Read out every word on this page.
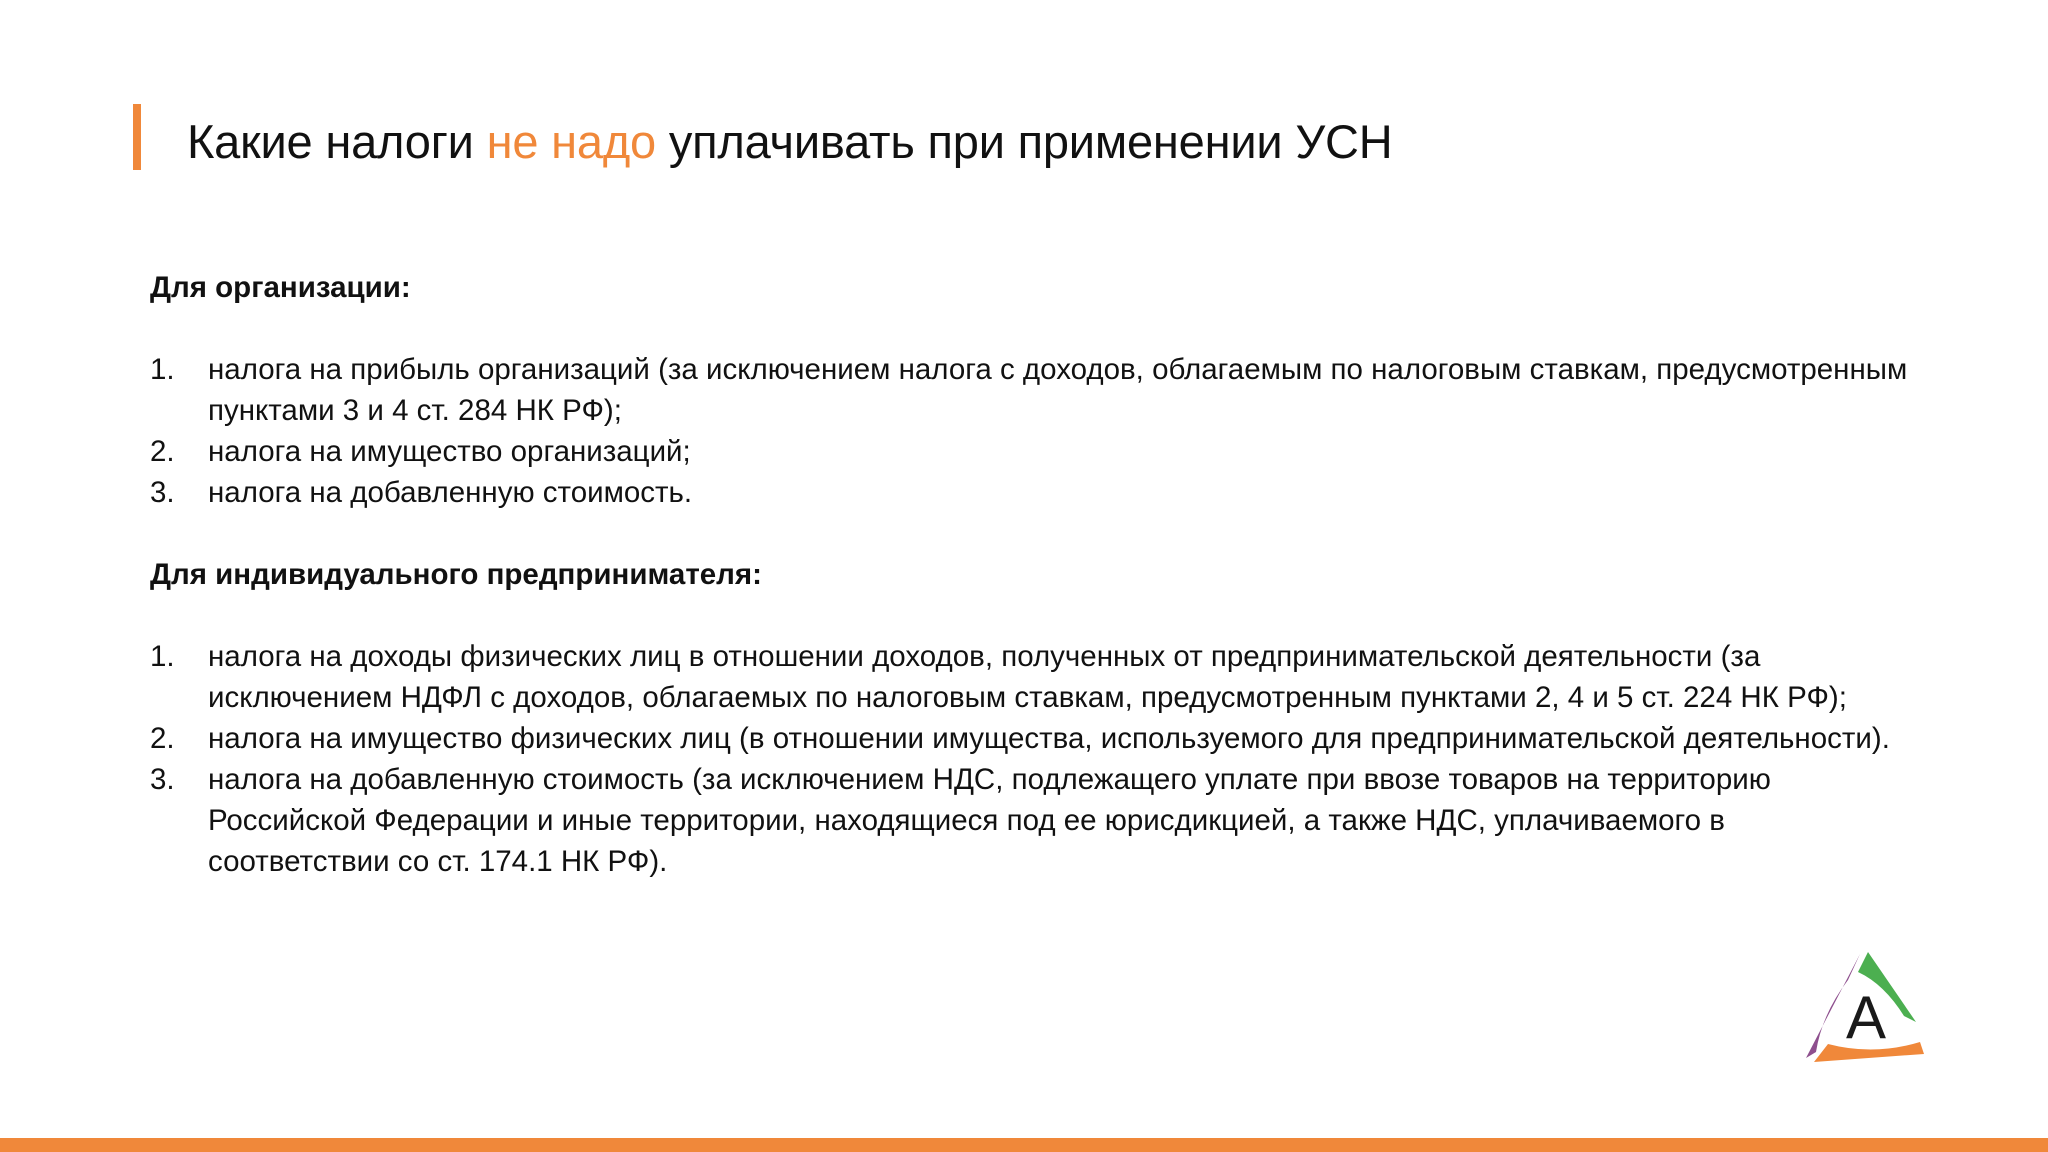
Какие налоги не надо уплачивать при применении УСН

Для организации:

1. налога на прибыль организаций (за исключением налога с доходов, облагаемым по налоговым ставкам, предусмотренным пунктами 3 и 4 ст. 284 НК РФ);
2. налога на имущество организаций;
3. налога на добавленную стоимость.

Для индивидуального предпринимателя:

1. налога на доходы физических лиц в отношении доходов, полученных от предпринимательской деятельности (за исключением НДФЛ с доходов, облагаемых по налоговым ставкам, предусмотренным пунктами 2, 4 и 5 ст. 224 НК РФ);
2. налога на имущество физических лиц (в отношении имущества, используемого для предпринимательской деятельности).
3. налога на добавленную стоимость (за исключением НДС, подлежащего уплате при ввозе товаров на территорию Российской Федерации и иные территории, находящиеся под ее юрисдикцией, а также НДС, уплачиваемого в соответствии со ст. 174.1 НК РФ).
A
